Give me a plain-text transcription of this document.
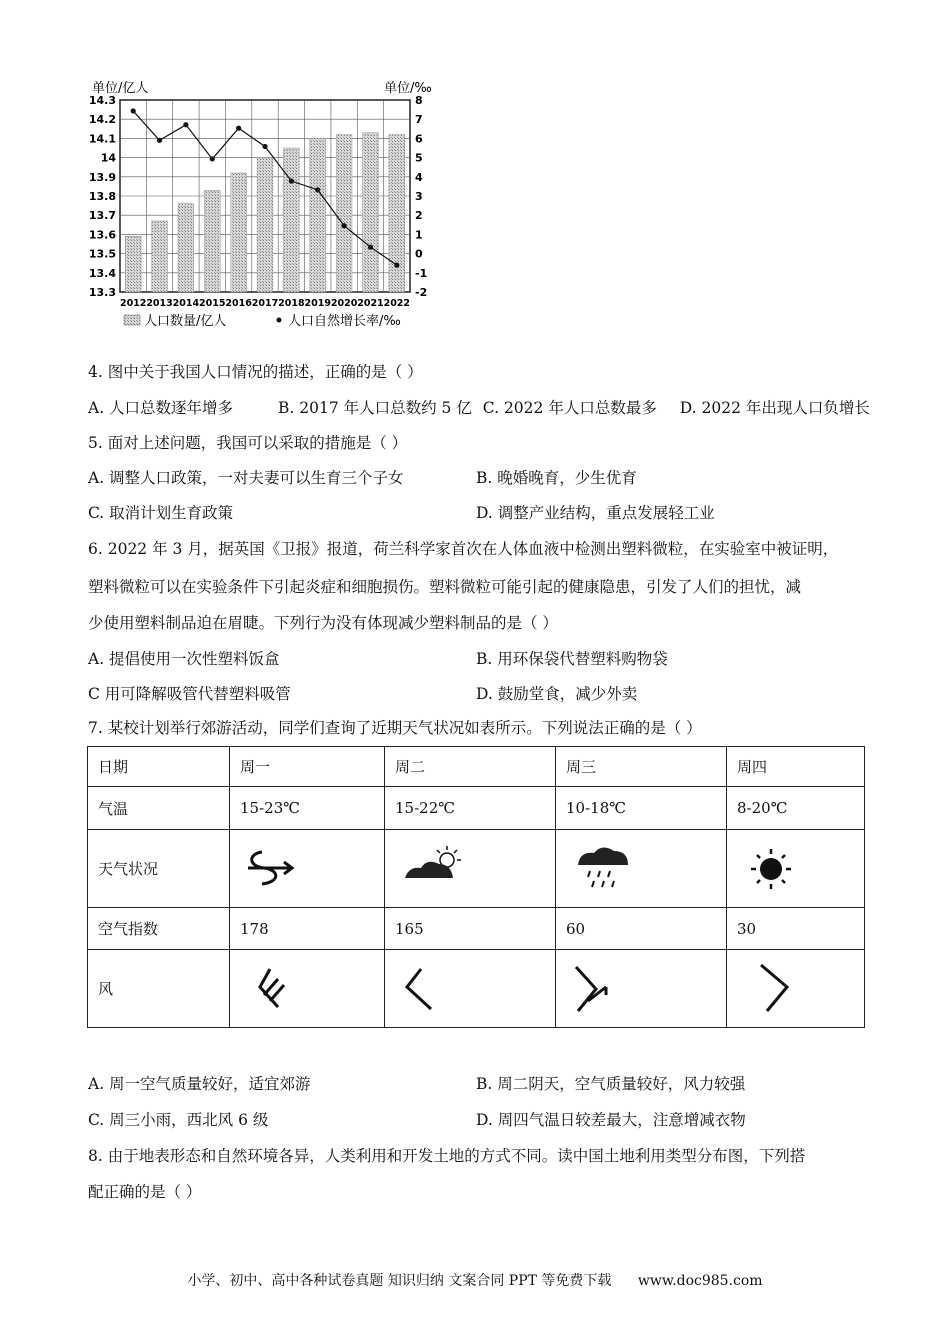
13.3
13.4
13.5
13.6
13.7
13.8
13.9
14
14.1
14.2
14.3
-2
-1
0
1
2
3
4
5
6
7
8
2012 2013 2014 2015 2016 2017 2018 2019 2020 2021 2022
单位/亿人	单位/‰
人口数量/亿人	人口自然增长率/‰
4. 图中关于我国人口情况的描述，正确的是（ ）
A. 人口总数逐年增多	B. 2017 年人口总数约 5 亿 C. 2022 年人口总数最多 D. 2022 年出现人口负增长
5. 面对上述问题，我国可以采取的措施是（ ）
A. 调整人口政策，一对夫妻可以生育三个子女	B. 晚婚晚育，少生优育
C. 取消计划生育政策	D. 调整产业结构，重点发展轻工业
6. 2022 年 3 月，据英国《卫报》报道，荷兰科学家首次在人体血液中检测出塑料微粒，在实验室中被证明，
塑料微粒可以在实验条件下引起炎症和细胞损伤。塑料微粒可能引起的健康隐患，引发了人们的担忧，减
少使用塑料制品迫在眉睫。下列行为没有体现减少塑料制品的是（ ）
A. 提倡使用一次性塑料饭盒	B. 用环保袋代替塑料购物袋
C 用可降解吸管代替塑料吸管	D. 鼓励堂食，减少外卖
7. 某校计划举行郊游活动，同学们查询了近期天气状况如表所示。下列说法正确的是（ ）
日期	周一	周二	周三	周四
气温	15-23℃	15-22℃	10-18℃	8-20℃
天气状况				
空气指数	178	165	60	30
风				
A. 周一空气质量较好，适宜郊游	B. 周二阴天，空气质量较好，风力较强
C. 周三小雨，西北风 6 级	D. 周四气温日较差最大，注意增减衣物
8. 由于地表形态和自然环境各异，人类利用和开发土地的方式不同。读中国土地利用类型分布图，下列搭
配正确的是（ ）
小学、初中、高中各种试卷真题 知识归纳 文案合同 PPT 等免费下载 www.doc985.com
